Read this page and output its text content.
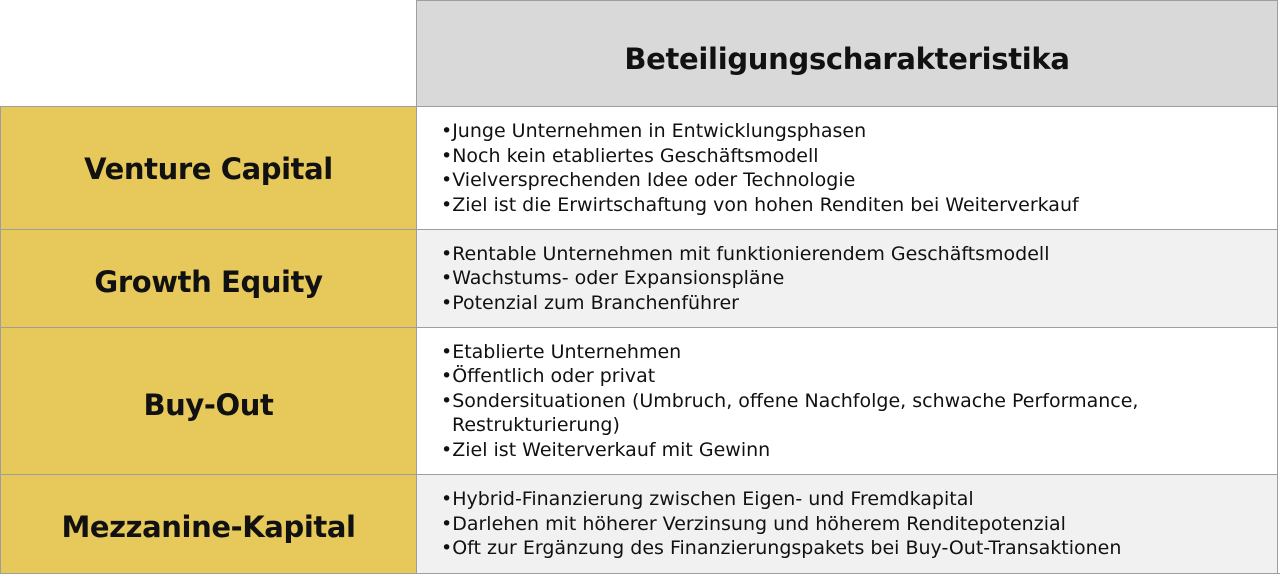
Beteiligungscharakteristika
Venture Capital
•Junge Unternehmen in Entwicklungsphasen
•Noch kein etabliertes Geschäftsmodell
•Vielversprechenden Idee oder Technologie
•Ziel ist die Erwirtschaftung von hohen Renditen bei Weiterverkauf
Growth Equity
•Rentable Unternehmen mit funktionierendem Geschäftsmodell
•Wachstums- oder Expansionspläne
•Potenzial zum Branchenführer
Buy-Out
•Etablierte Unternehmen
•Öffentlich oder privat
•Sondersituationen (Umbruch, offene Nachfolge, schwache Performance,
Restrukturierung)
•Ziel ist Weiterverkauf mit Gewinn
Mezzanine-Kapital
•Hybrid-Finanzierung zwischen Eigen- und Fremdkapital
•Darlehen mit höherer Verzinsung und höherem Renditepotenzial
•Oft zur Ergänzung des Finanzierungspakets bei Buy-Out-Transaktionen
